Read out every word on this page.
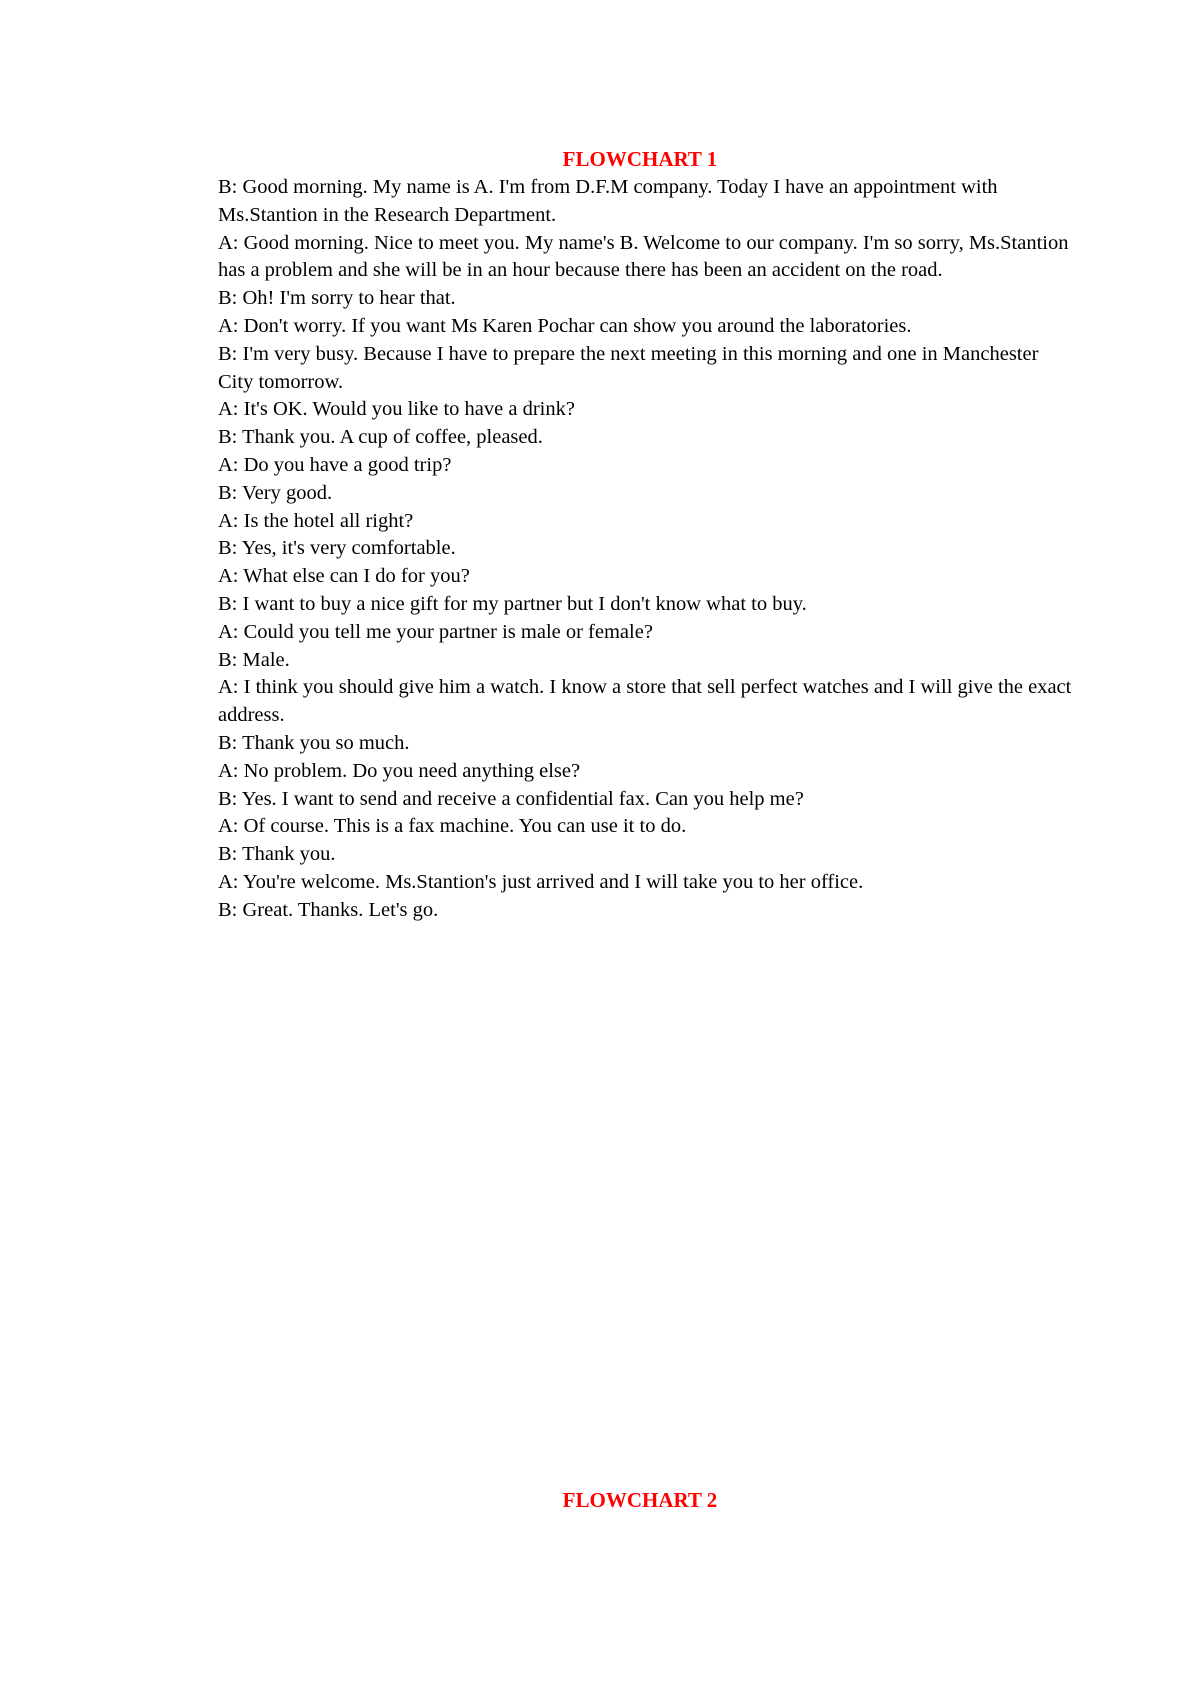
FLOWCHART 1
B: Good morning. My name is A. I'm from D.F.M company. Today I have an appointment with Ms.Stantion in the Research Department.
A: Good morning. Nice to meet you. My name's B. Welcome to our company. I'm so sorry, Ms.Stantion has a problem and she will be in an hour because there has been an accident on the road.
B: Oh! I'm sorry to hear that.
A: Don't worry. If you want Ms Karen Pochar can show you around the laboratories.
B: I'm very busy. Because I have to prepare the next meeting in this morning and one in Manchester City tomorrow.
A: It's OK. Would you like to have a drink?
B: Thank you. A cup of coffee, pleased.
A: Do you have a good trip?
B: Very good.
A: Is the hotel all right?
B: Yes, it's very comfortable.
A: What else can I do for you?
B: I want to buy a nice gift for my partner but I don't know what to buy.
A: Could you tell me your partner is male or female?
B: Male.
A: I think you should give him a watch. I know a store that sell perfect watches and I will give the exact address.
B: Thank you so much.
A: No problem. Do you need anything else?
B: Yes. I want to send and receive a confidential fax. Can you help me?
A: Of course. This is a fax machine. You can use it to do.
B: Thank you.
A: You're welcome. Ms.Stantion's just arrived and I will take you to her office.
B: Great. Thanks. Let's go.
FLOWCHART 2
